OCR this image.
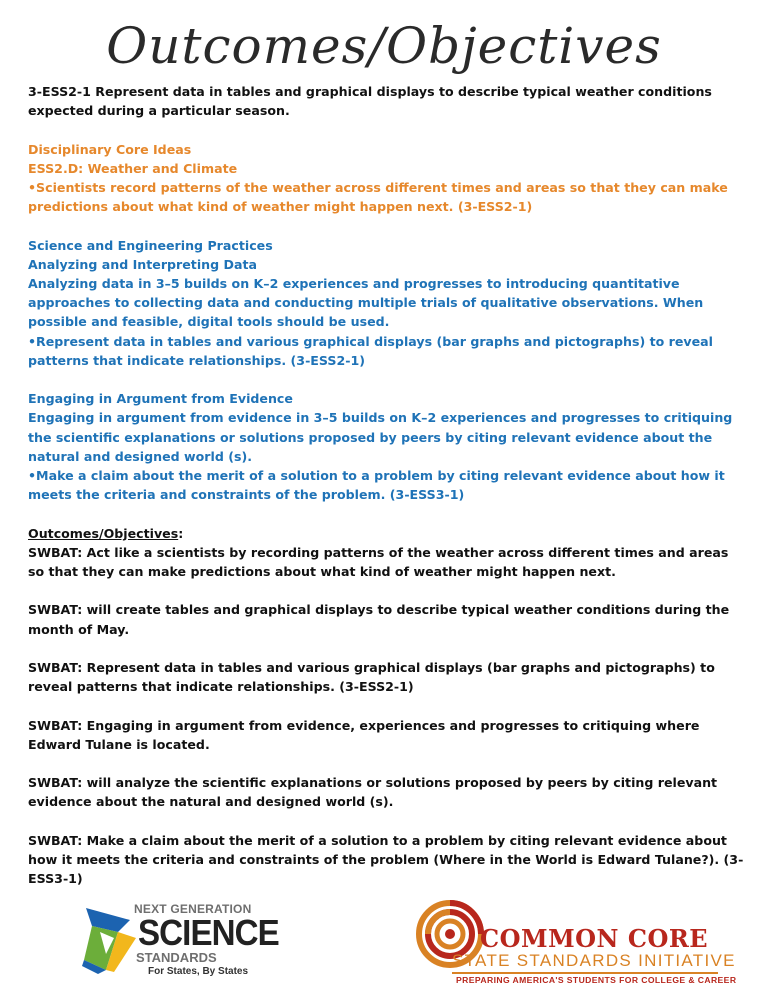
Outcomes/Objectives

3-ESS2-1 Represent data in tables and graphical displays to describe typical weather conditions expected during a particular season.

Disciplinary Core Ideas

ESS2.D: Weather and Climate

•Scientists record patterns of the weather across different times and areas so that they can make predictions about what kind of weather might happen next. (3-ESS2-1)

Science and Engineering Practices

Analyzing and Interpreting Data

Analyzing data in 3–5 builds on K–2 experiences and progresses to introducing quantitative approaches to collecting data and conducting multiple trials of qualitative observations. When possible and feasible, digital tools should be used.

•Represent data in tables and various graphical displays (bar graphs and pictographs) to reveal patterns that indicate relationships. (3-ESS2-1)

Engaging in Argument from Evidence

Engaging in argument from evidence in 3–5 builds on K–2 experiences and progresses to critiquing the scientific explanations or solutions proposed by peers by citing relevant evidence about the natural and designed world (s).

•Make a claim about the merit of a solution to a problem by citing relevant evidence about how it meets the criteria and constraints of the problem. (3-ESS3-1)

Outcomes/Objectives:

SWBAT: Act like a scientists by recording patterns of the weather across different times and areas so that they can make predictions about what kind of weather might happen next.

SWBAT: will create tables and graphical displays to describe typical weather conditions during the month of May.

SWBAT: Represent data in tables and various graphical displays (bar graphs and pictographs) to reveal patterns that indicate relationships. (3-ESS2-1)

SWBAT: Engaging in argument from evidence, experiences and progresses to critiquing where Edward Tulane is located.

SWBAT: will analyze the scientific explanations or solutions proposed by peers by citing relevant evidence about the natural and designed world (s).

SWBAT: Make a claim about the merit of a solution to a problem by citing relevant evidence about how it meets the criteria and constraints of the problem (Where in the World is Edward Tulane?). (3-ESS3-1)

NEXT GENERATION
SCIENCE
STANDARDS
For States, By States
COMMON CORE
STATE STANDARDS INITIATIVE
PREPARING AMERICA'S STUDENTS FOR COLLEGE & CAREER
